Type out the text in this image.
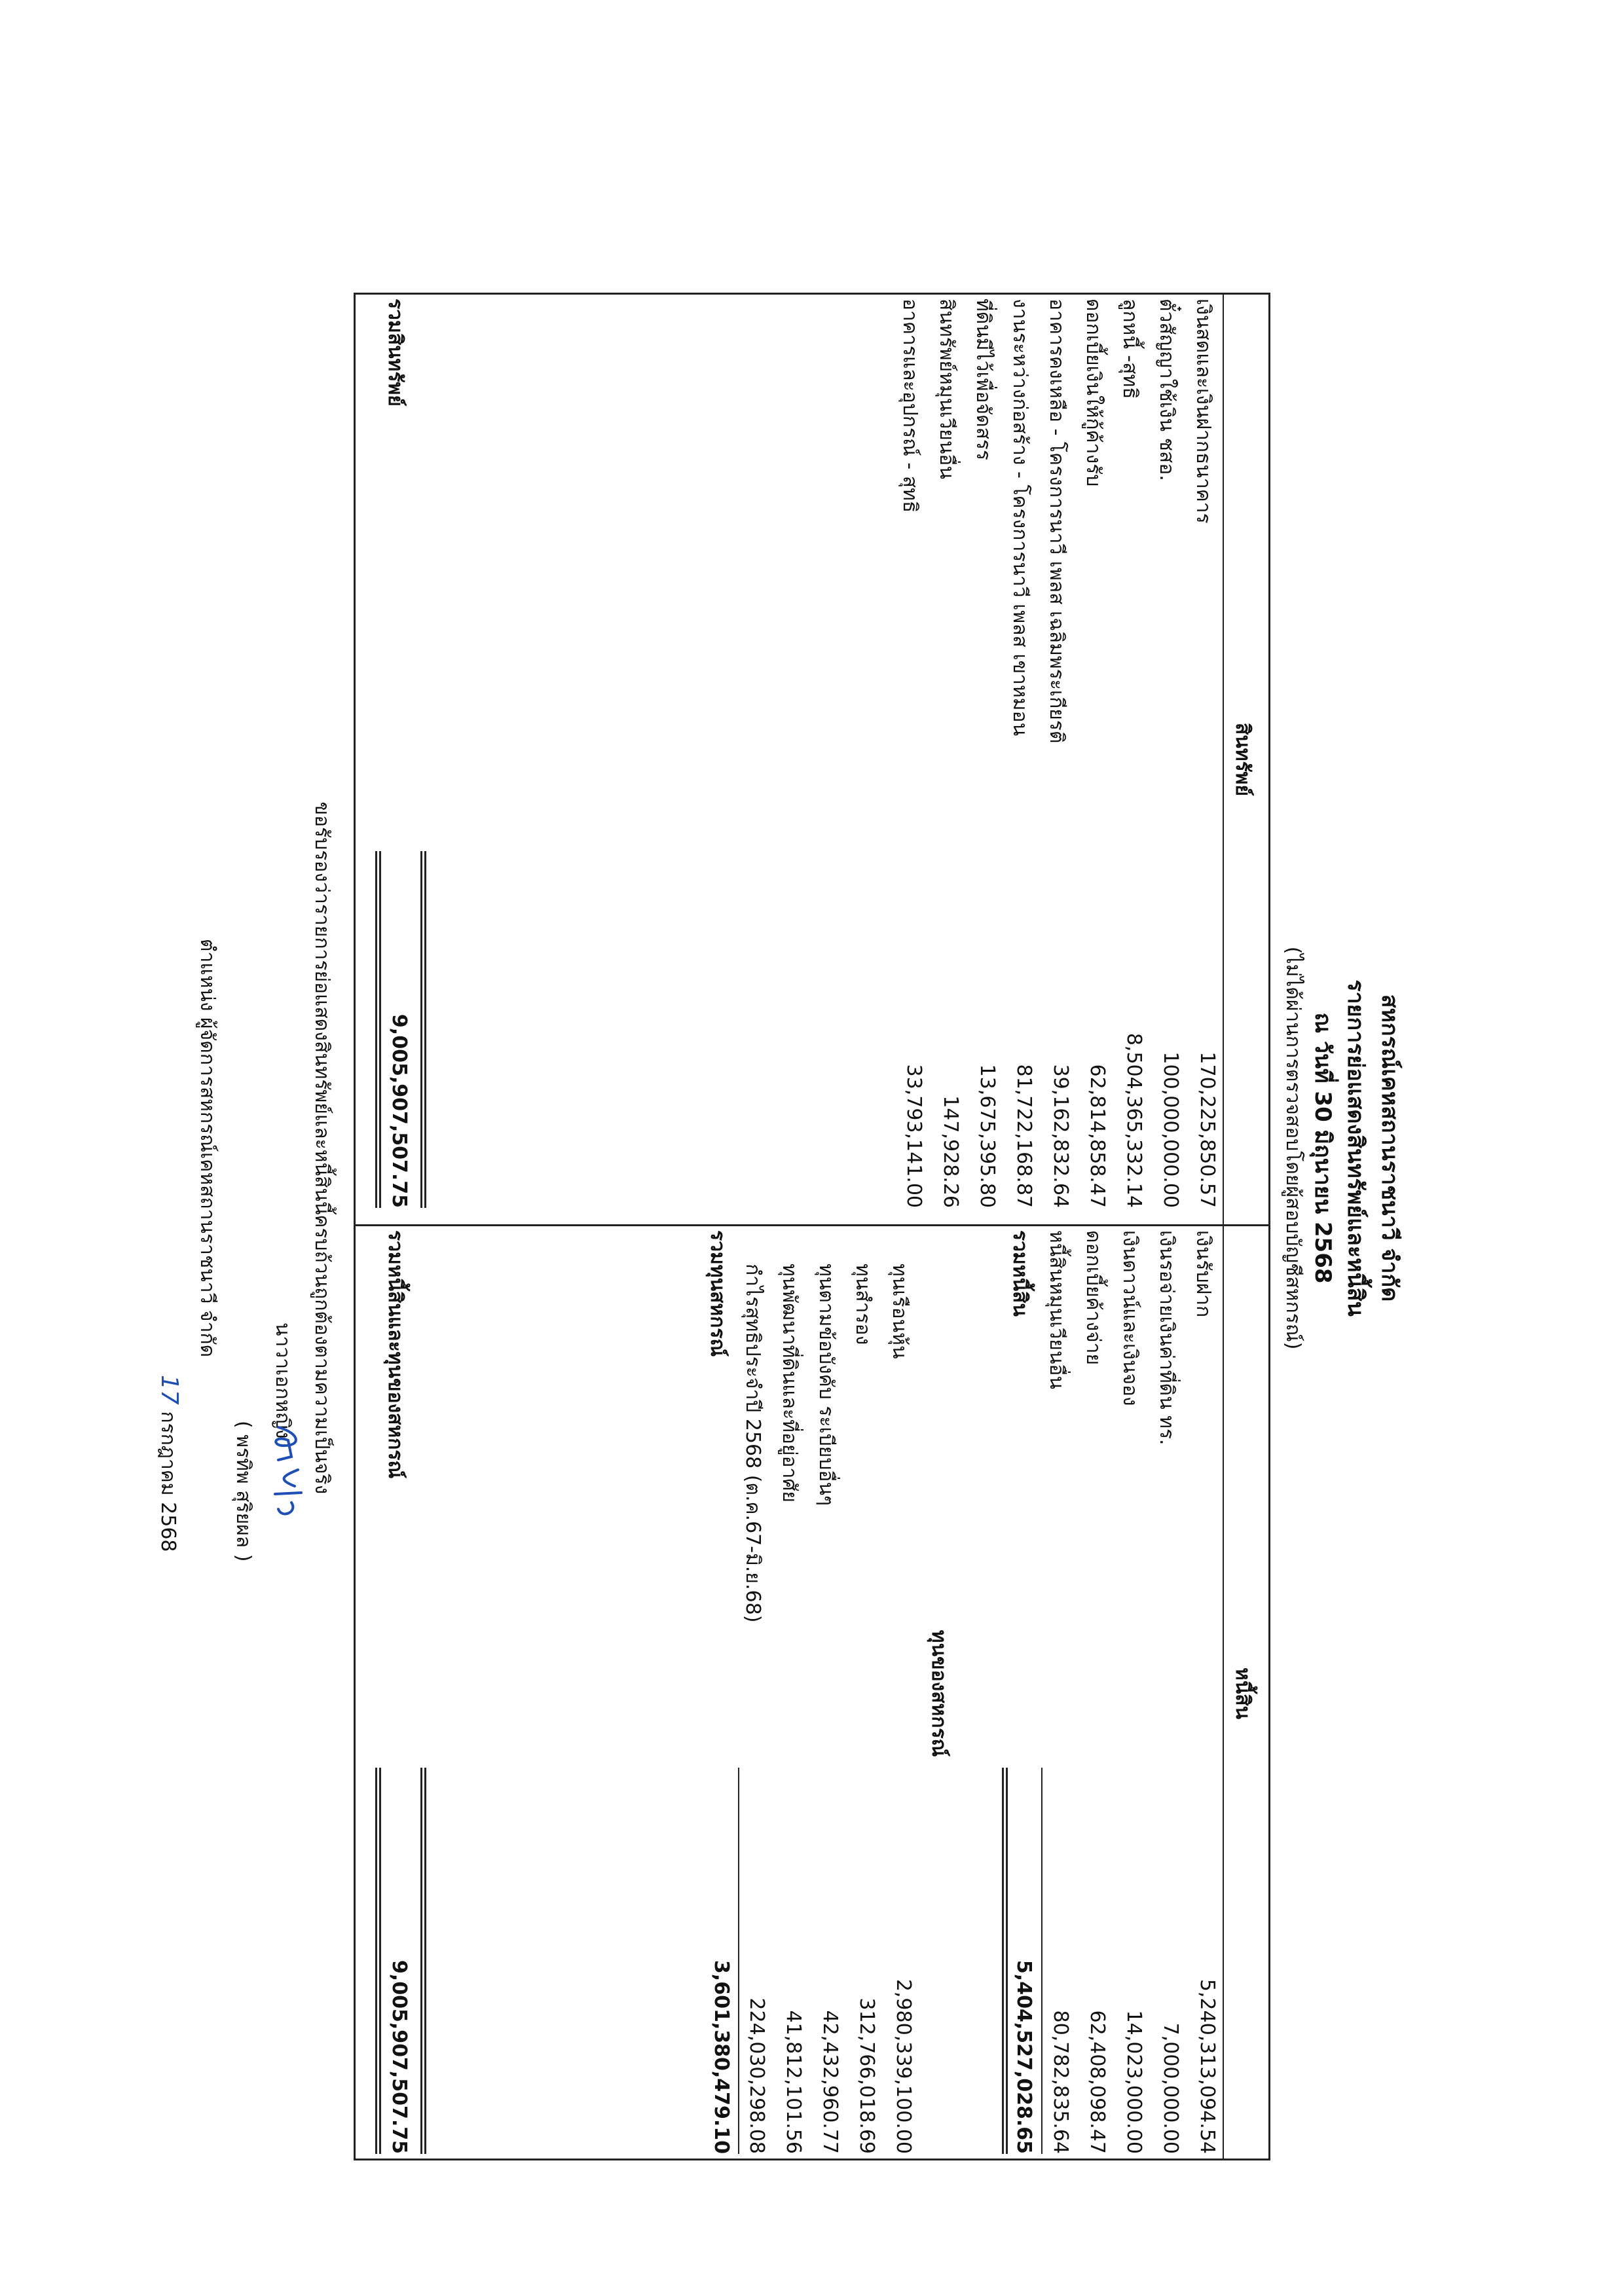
สหกรณ์เคหสถานราชนาวี จำกัด
รายการย่อแสดงสินทรัพย์และหนี้สิน
ณ วันที่ 30 มิถุนายน 2568
(ไม่ได้ผ่านการตรวจสอบโดยผู้สอบบัญชีสหกรณ์)
สินทรัพย์
หนี้สิน
เงินสดและเงินฝากธนาคาร
170,225,850.57
ตั๋วสัญญาใช้เงิน ชสอ.
100,000,000.00
ลูกหนี้ -สุทธิ
8,504,365,332.14
ดอกเบี้ยเงินให้กู้ค้างรับ
62,814,858.47
อาคารคงเหลือ - โครงการนาวี เพลส เฉลิมพระเกียรติ
39,162,832.64
งานระหว่างก่อสร้าง - โครงการนาวี เพลส เขาหมอน
81,722,168.87
ที่ดินมีไว้เพื่อจัดสรร
13,675,395.80
สินทรัพย์หมุนเวียนอื่น
147,928.26
อาคารและอุปกรณ์ - สุทธิ
33,793,141.00
รวมสินทรัพย์
9,005,907,507.75
เงินรับฝาก
5,240,313,094.54
เงินรอจ่ายเงินค่าที่ดิน ทร.
7,000,000.00
เงินดาวน์และเงินจอง
14,023,000.00
ดอกเบี้ยค้างจ่าย
62,408,098.47
หนี้สินหมุนเวียนอื่น
80,782,835.64
รวมหนี้สิน
5,404,527,028.65
ทุนของสหกรณ์
ทุนเรือนหุ้น
2,980,339,100.00
ทุนสำรอง
312,766,018.69
ทุนตามข้อบังคับ ระเบียบอื่นๆ
42,432,960.77
ทุนพัฒนาที่ดินและที่อยู่อาศัย
41,812,101.56
กำไรสุทธิประจำปี 2568 (ต.ค.67-มิ.ย.68)
224,030,298.08
รวมทุนสหกรณ์
3,601,380,479.10
รวมหนี้สินและทุนของสหกรณ์
9,005,907,507.75
ขอรับรองว่ารายการย่อแสดงสินทรัพย์และหนี้สินนี้ครบถ้วนถูกต้องตามความเป็นจริง
นาวาเอกหญิง
( พรทิพ สุริยผล )
ตำแหน่ง ผู้จัดการสหกรณ์เคหสถานราชนาวี จำกัด
17 กรกฎาคม 2568
